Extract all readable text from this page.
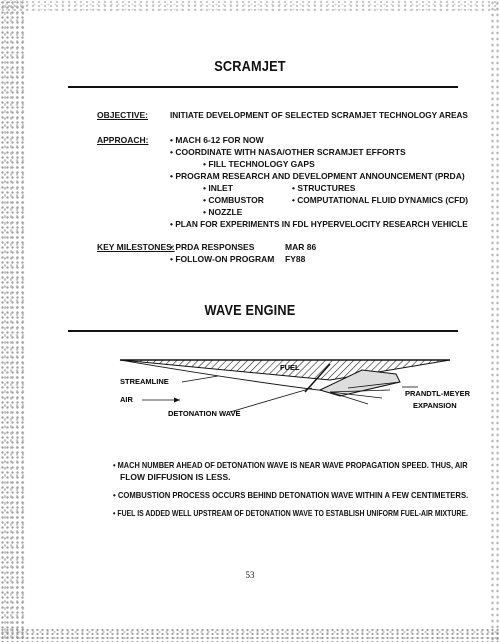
SCRAMJET
OBJECTIVE:	INITIATE DEVELOPMENT OF SELECTED SCRAMJET TECHNOLOGY AREAS
APPROACH:	• MACH 6-12 FOR NOW
• COORDINATE WITH NASA/OTHER SCRAMJET EFFORTS
• FILL TECHNOLOGY GAPS
• PROGRAM RESEARCH AND DEVELOPMENT ANNOUNCEMENT (PRDA)
• INLET	• STRUCTURES
• COMBUSTOR	• COMPUTATIONAL FLUID DYNAMICS (CFD)
• NOZZLE
• PLAN FOR EXPERIMENTS IN FDL HYPERVELOCITY RESEARCH VEHICLE
KEY MILESTONES:
• PRDA RESPONSES	MAR 86
• FOLLOW-ON PROGRAM FY88
WAVE ENGINE
FUEL
STREAMLINE
AIR
DETONATION WAVE
PRANDTL-MEYER
EXPANSION
• MACH NUMBER AHEAD OF DETONATION WAVE IS NEAR WAVE PROPAGATION SPEED. THUS, AIR
FLOW DIFFUSION IS LESS.
• COMBUSTION PROCESS OCCURS BEHIND DETONATION WAVE WITHIN A FEW CENTIMETERS.
• FUEL IS ADDED WELL UPSTREAM OF DETONATION WAVE TO ESTABLISH UNIFORM FUEL-AIR MIXTURE.
53
